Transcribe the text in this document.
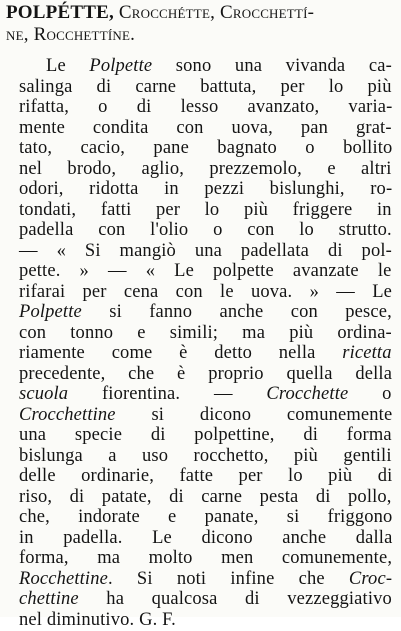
POLPÉTTE, Crocchétte, Crocchettí-
ne, Rocchettíne.
Le Polpette sono una vivanda ca-
salinga di carne battuta, per lo più
rifatta, o di lesso avanzato, varia-
mente condita con uova, pan grat-
tato, cacio, pane bagnato o bollito
nel brodo, aglio, prezzemolo, e altri
odori, ridotta in pezzi bislunghi, ro-
tondati, fatti per lo più friggere in
padella con l'olio o con lo strutto.
— « Si mangiò una padellata di pol-
pette. » — « Le polpette avanzate le
rifarai per cena con le uova. » — Le
Polpette si fanno anche con pesce,
con tonno e simili; ma più ordina-
riamente come è detto nella ricetta
precedente, che è proprio quella della
scuola fiorentina. — Crocchette o
Crocchettine si dicono comunemente
una specie di polpettine, di forma
bislunga a uso rocchetto, più gentili
delle ordinarie, fatte per lo più di
riso, di patate, di carne pesta di pollo,
che, indorate e panate, si friggono
in padella. Le dicono anche dalla
forma, ma molto men comunemente,
Rocchettine. Si noti infine che Croc-
chettine ha qualcosa di vezzeggiativo
nel diminutivo. G. F.
